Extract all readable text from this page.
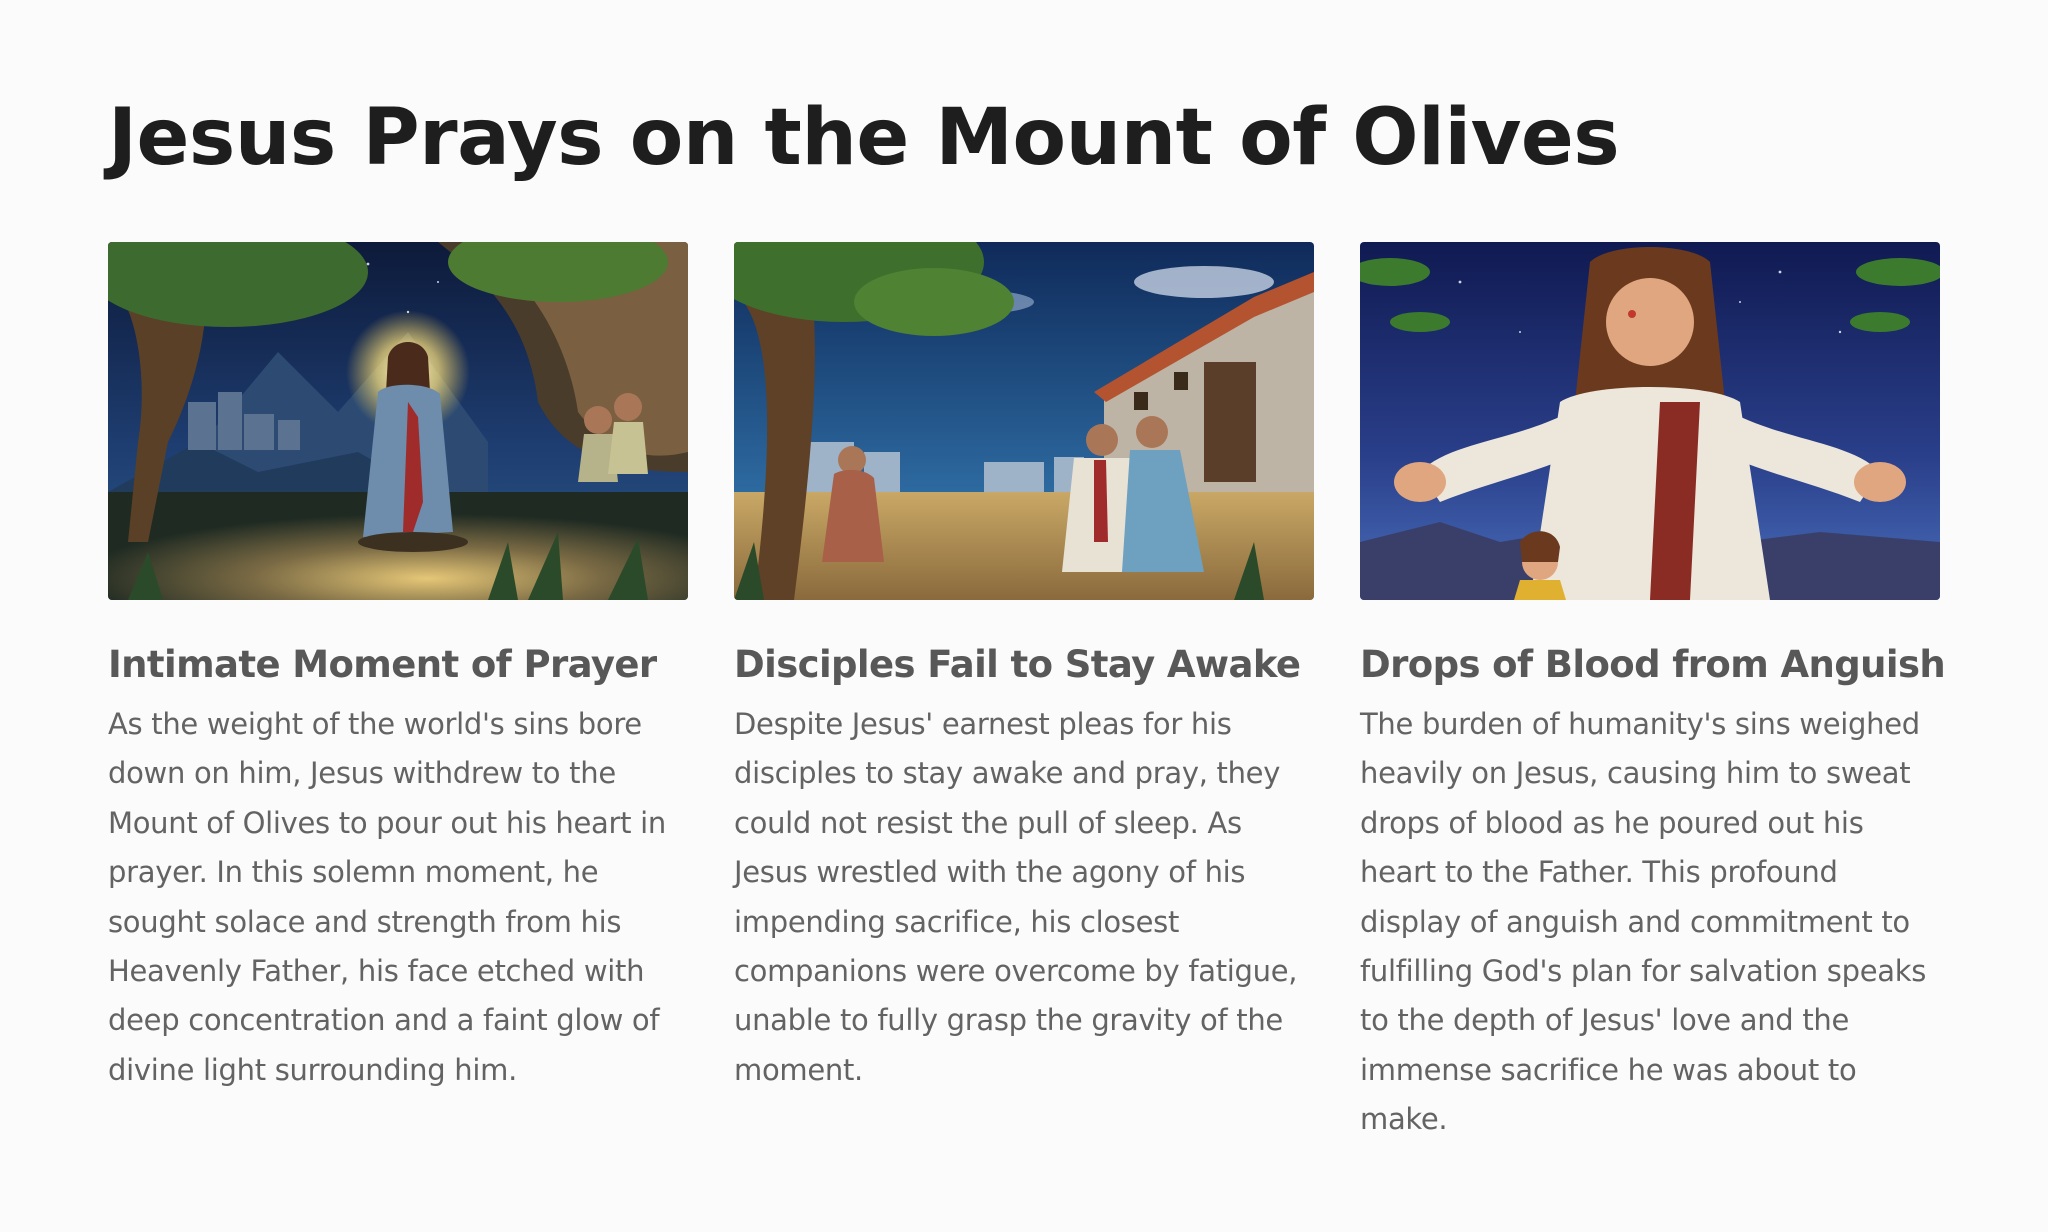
Jesus Prays on the Mount of Olives
Intimate Moment of Prayer

As the weight of the world's sins bore down on him, Jesus withdrew to the Mount of Olives to pour out his heart in prayer. In this solemn moment, he sought solace and strength from his Heavenly Father, his face etched with deep concentration and a faint glow of divine light surrounding him.

Disciples Fail to Stay Awake

Despite Jesus' earnest pleas for his disciples to stay awake and pray, they could not resist the pull of sleep. As Jesus wrestled with the agony of his impending sacrifice, his closest companions were overcome by fatigue, unable to fully grasp the gravity of the moment.

Drops of Blood from Anguish

The burden of humanity's sins weighed heavily on Jesus, causing him to sweat drops of blood as he poured out his heart to the Father. This profound display of anguish and commitment to fulfilling God's plan for salvation speaks to the depth of Jesus' love and the immense sacrifice he was about to make.
